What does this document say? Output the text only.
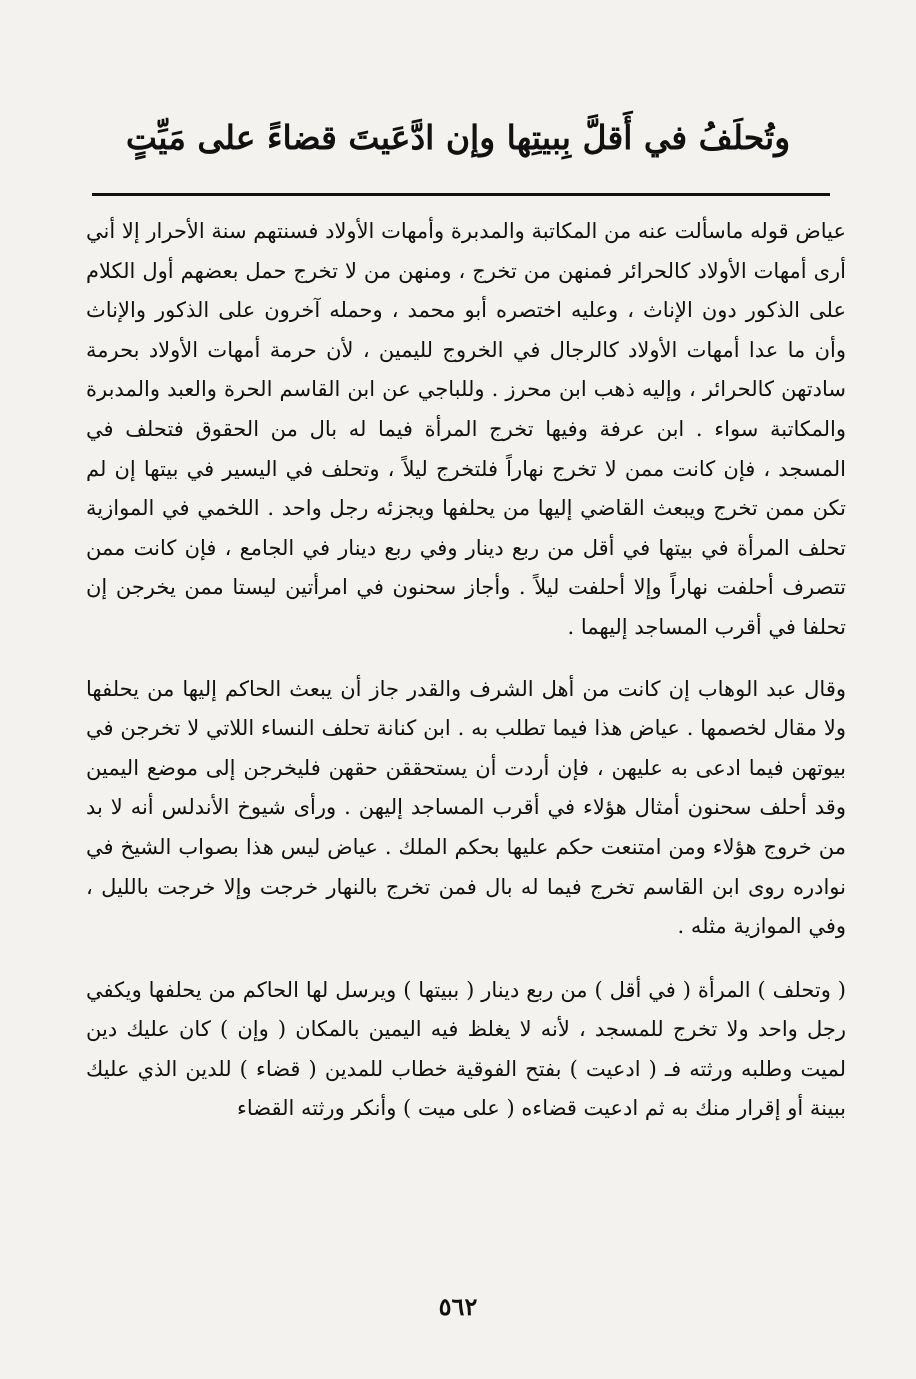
وتُحلَفُ في أَقلَّ بِبيتِها وإن ادَّعَيتَ قضاءً على مَيِّتٍ

عياض قوله ماسألت عنه من المكاتبة والمدبرة وأمهات الأولاد فسنتهم سنة الأحرار إلا أني أرى أمهات الأولاد كالحرائر فمنهن من تخرج ، ومنهن من لا تخرج حمل بعضهم أول الكلام على الذكور دون الإناث ، وعليه اختصره أبو محمد ، وحمله آخرون على الذكور والإناث وأن ما عدا أمهات الأولاد كالرجال في الخروج لليمين ، لأن حرمة أمهات الأولاد بحرمة سادتهن كالحرائر ، وإليه ذهب ابن محرز . وللباجي عن ابن القاسم الحرة والعبد والمدبرة والمكاتبة سواء . ابن عرفة وفيها تخرج المرأة فيما له بال من الحقوق فتحلف في المسجد ، فإن كانت ممن لا تخرج نهاراً فلتخرج ليلاً ، وتحلف في اليسير في بيتها إن لم تكن ممن تخرج ويبعث القاضي إليها من يحلفها ويجزئه رجل واحد . اللخمي في الموازية تحلف المرأة في بيتها في أقل من ربع دينار وفي ربع دينار في الجامع ، فإن كانت ممن تتصرف أحلفت نهاراً وإلا أحلفت ليلاً . وأجاز سحنون في امرأتين ليستا ممن يخرجن إن تحلفا في أقرب المساجد إليهما .

وقال عبد الوهاب إن كانت من أهل الشرف والقدر جاز أن يبعث الحاكم إليها من يحلفها ولا مقال لخصمها . عياض هذا فيما تطلب به . ابن كنانة تحلف النساء اللاتي لا تخرجن في بيوتهن فيما ادعى به عليهن ، فإن أردت أن يستحققن حقهن فليخرجن إلى موضع اليمين وقد أحلف سحنون أمثال هؤلاء في أقرب المساجد إليهن . ورأى شيوخ الأندلس أنه لا بد من خروج هؤلاء ومن امتنعت حكم عليها بحكم الملك . عياض ليس هذا بصواب الشيخ في نوادره روى ابن القاسم تخرج فيما له بال فمن تخرج بالنهار خرجت وإلا خرجت بالليل ، وفي الموازية مثله .

( وتحلف ) المرأة ( في أقل ) من ربع دينار ( ببيتها ) ويرسل لها الحاكم من يحلفها ويكفي رجل واحد ولا تخرج للمسجد ، لأنه لا يغلظ فيه اليمين بالمكان ( وإن ) كان عليك دين لميت وطلبه ورثته فـ ( ادعيت ) بفتح الفوقية خطاب للمدين ( قضاء ) للدين الذي عليك ببينة أو إقرار منك به ثم ادعيت قضاءه ( على ميت ) وأنكر ورثته القضاء

٥٦٢
